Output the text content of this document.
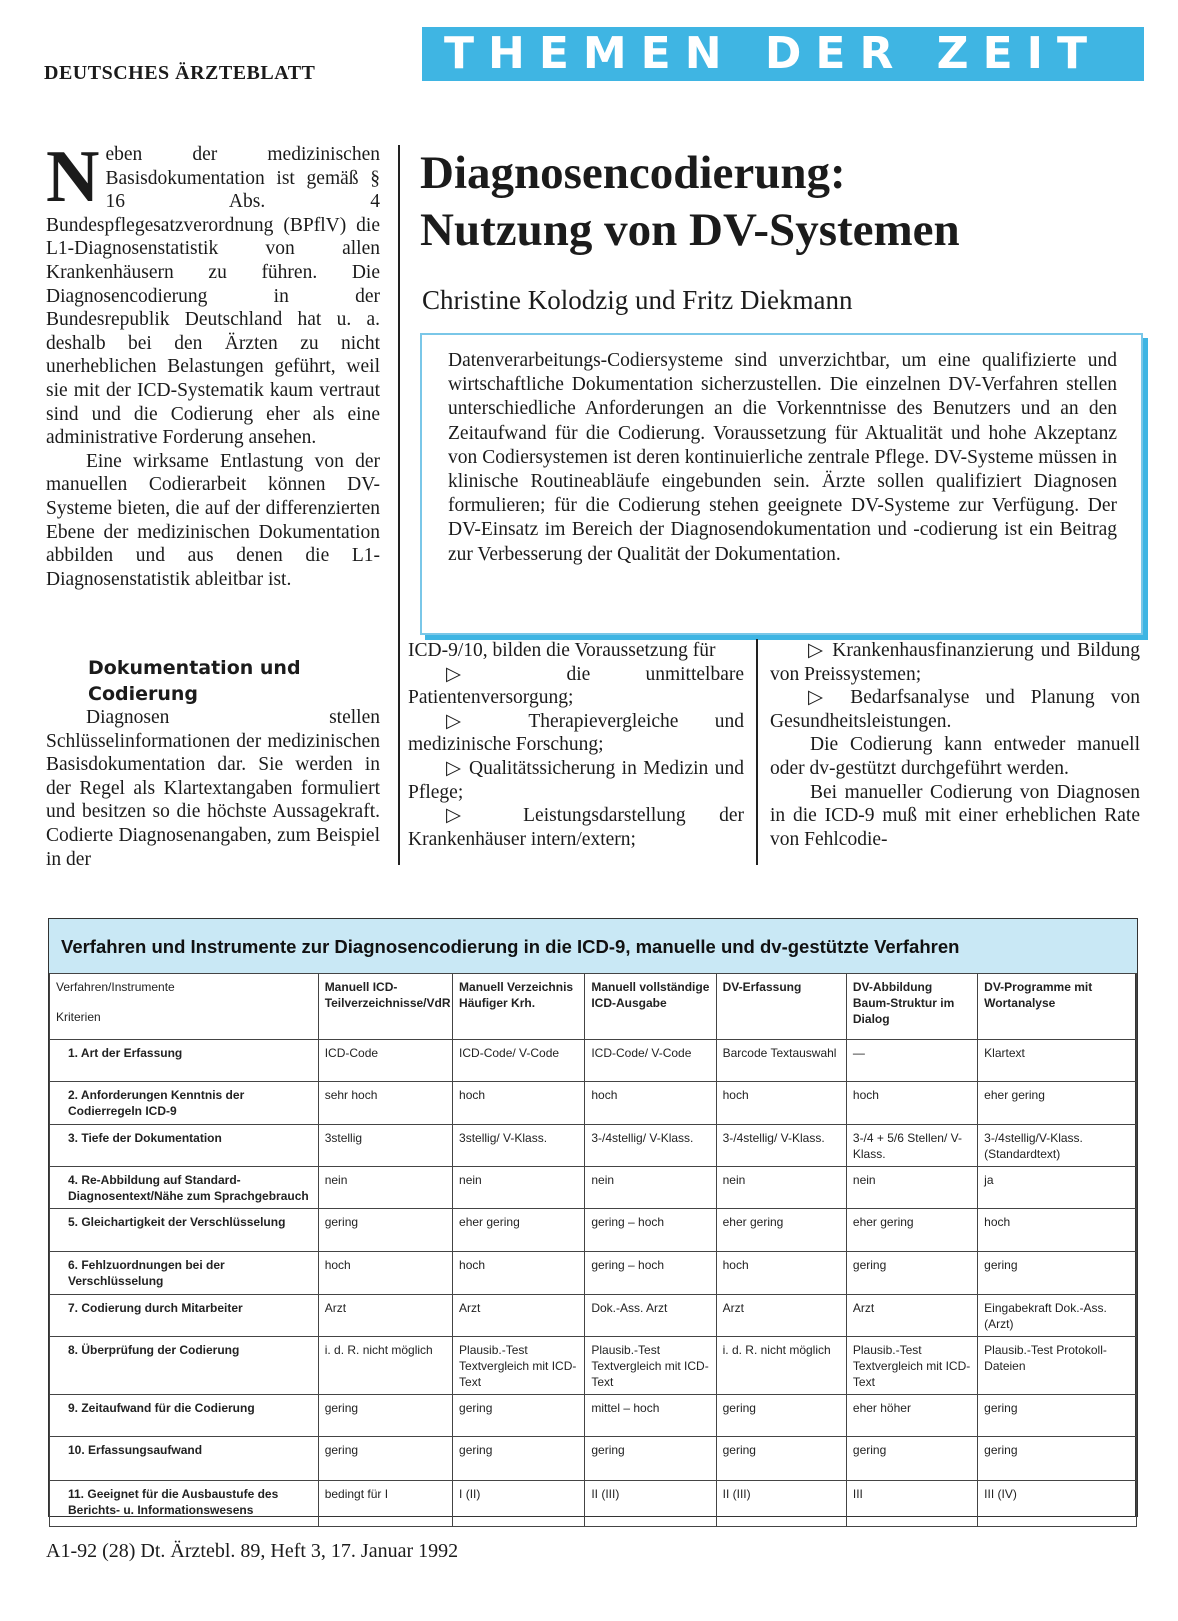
DEUTSCHES ÄRZTEBLATT	THEMEN DER ZEIT

Neben der medizinischen Basisdokumentation ist gemäß § 16 Abs. 4 Bundespflegesatzverordnung (BPflV) die L1-Diagnosenstatistik von allen Krankenhäusern zu führen. Die Diagnosencodierung in der Bundesrepublik Deutschland hat u. a. deshalb bei den Ärzten zu nicht unerheblichen Belastungen geführt, weil sie mit der ICD-Systematik kaum vertraut sind und die Codierung eher als eine administrative Forderung ansehen.

Eine wirksame Entlastung von der manuellen Codierarbeit können DV-Systeme bieten, die auf der differenzierten Ebene der medizinischen Dokumentation abbilden und aus denen die L1-Diagnosenstatistik ableitbar ist.

Dokumentation und
Codierung

Diagnosen stellen Schlüsselinformationen der medizinischen Basisdokumentation dar. Sie werden in der Regel als Klartextangaben formuliert und besitzen so die höchste Aussagekraft. Codierte Diagnosenangaben, zum Beispiel in der

Diagnosencodierung:
Nutzung von DV-Systemen
Christine Kolodzig und Fritz Diekmann
Datenverarbeitungs-Codiersysteme sind unverzichtbar, um eine qualifizierte und wirtschaftliche Dokumentation sicherzustellen. Die einzelnen DV-Verfahren stellen unterschiedliche Anforderungen an die Vorkenntnisse des Benutzers und an den Zeitaufwand für die Codierung. Voraussetzung für Aktualität und hohe Akzeptanz von Codiersystemen ist deren kontinuierliche zentrale Pflege. DV-Systeme müssen in klinische Routineabläufe eingebunden sein. Ärzte sollen qualifiziert Diagnosen formulieren; für die Codierung stehen geeignete DV-Systeme zur Verfügung. Der DV-Einsatz im Bereich der Diagnosendokumentation und -codierung ist ein Beitrag zur Verbesserung der Qualität der Dokumentation.

ICD-9/10, bilden die Voraussetzung für

▷ die unmittelbare Patientenversorgung;

▷ Therapievergleiche und medizinische Forschung;

▷ Qualitätssicherung in Medizin und Pflege;

▷ Leistungsdarstellung der Krankenhäuser intern/extern;

▷ Krankenhausfinanzierung und Bildung von Preissystemen;

▷ Bedarfsanalyse und Planung von Gesundheitsleistungen.

Die Codierung kann entweder manuell oder dv-gestützt durchgeführt werden.

Bei manueller Codierung von Diagnosen in die ICD-9 muß mit einer erheblichen Rate von Fehlcodie-

Verfahren und Instrumente zur Diagnosencodierung in die ICD-9, manuelle und dv-gestützte Verfahren
Verfahren/Instrumente
Kriterien	Manuell ICD-Teilverzeichnisse/VdR	Manuell Verzeichnis Häufiger Krh.	Manuell vollständige ICD-Ausgabe	DV-Erfassung	DV-Abbildung Baum-Struktur im Dialog	DV-Programme mit Wortanalyse
1. Art der Erfassung	ICD-Code	ICD-Code/ V-Code	ICD-Code/ V-Code	Barcode Textauswahl	—	Klartext
2. Anforderungen Kenntnis der Codierregeln ICD-9	sehr hoch	hoch	hoch	hoch	hoch	eher gering
3. Tiefe der Dokumentation	3stellig	3stellig/ V-Klass.	3-/4stellig/ V-Klass.	3-/4stellig/ V-Klass.	3-/4 + 5/6 Stellen/ V-Klass.	3-/4stellig/V-Klass. (Standardtext)
4. Re-Abbildung auf Standard-Diagnosentext/Nähe zum Sprachgebrauch	nein	nein	nein	nein	nein	ja
5. Gleichartigkeit der Verschlüsselung	gering	eher gering	gering – hoch	eher gering	eher gering	hoch
6. Fehlzuordnungen bei der Verschlüsselung	hoch	hoch	gering – hoch	hoch	gering	gering
7. Codierung durch Mitarbeiter	Arzt	Arzt	Dok.-Ass. Arzt	Arzt	Arzt	Eingabekraft Dok.-Ass. (Arzt)
8. Überprüfung der Codierung	i. d. R. nicht möglich	Plausib.-Test Textvergleich mit ICD-Text	Plausib.-Test Textvergleich mit ICD-Text	i. d. R. nicht möglich	Plausib.-Test Textvergleich mit ICD-Text	Plausib.-Test Protokoll-Dateien
9. Zeitaufwand für die Codierung	gering	gering	mittel – hoch	gering	eher höher	gering
10. Erfassungsaufwand	gering	gering	gering	gering	gering	gering
11. Geeignet für die Ausbaustufe des Berichts- u. Informationswesens	bedingt für I	I (II)	II (III)	II (III)	III	III (IV)
A1-92 (28) Dt. Ärztebl. 89, Heft 3, 17. Januar 1992
